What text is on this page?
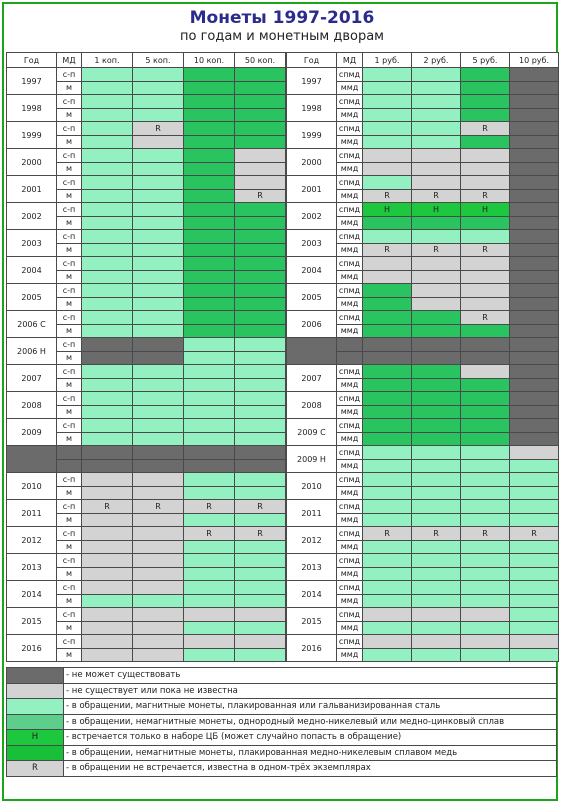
Монеты 1997-2016
по годам и монетным дворам
Год	МД	1 коп.	5 коп.	10 коп.	50 коп.
1997	с-п				
	м				
1998	с-п				
	м				
1999	с-п		R		
	м				
2000	с-п				
	м				
2001	с-п				
	м				R
2002	с-п				
	м				
2003	с-п				
	м				
2004	с-п				
	м				
2005	с-п				
	м				
2006 С	с-п				
	м				
2006 Н	с-п				
	м				
2007	с-п				
	м				
2008	с-п				
	м				
2009	с-п				
	м				

2010	с-п				
	м				
2011	с-п	R	R	R	R
	м				
2012	с-п			R	R
	м				
2013	с-п				
	м				
2014	с-п				
	м				
2015	с-п				
	м				
2016	с-п				
	м				
Год	МД	1 руб.	2 руб.	5 руб.	10 руб.
1997	спмд				
	ммд				
1998	спмд				
	ммд				
1999	спмд			R	
	ммд				
2000	спмд				
	ммд				
2001	спмд				
	ммд	R	R	R	
2002	спмд	Н	Н	Н	
	ммд				
2003	спмд				
	ммд	R	R	R	
2004	спмд				
	ммд				
2005	спмд				
	ммд				
2006	спмд			R	
	ммд				

2007	спмд				
	ммд				
2008	спмд				
	ммд				
2009 С	спмд				
	ммд				
2009 Н	спмд				
	ммд				
2010	спмд				
	ммд				
2011	спмд				
	ммд				
2012	спмд	R	R	R	R
	ммд				
2013	спмд				
	ммд				
2014	спмд				
	ммд				
2015	спмд				
	ммд				
2016	спмд				
	ммд				
	- не может существовать
	- не существует или пока не известна
	- в обращении, магнитные монеты, плакированная или гальванизированная сталь
	- в обращении, немагнитные монеты, однородный медно-никелевый или медно-цинковый сплав
Н	- встречается только в наборе ЦБ (может случайно попасть в обращение)
	- в обращении, немагнитные монеты, плакированная медно-никелевым сплавом медь
R	- в обращении не встречается, известна в одном-трёх экземплярах
